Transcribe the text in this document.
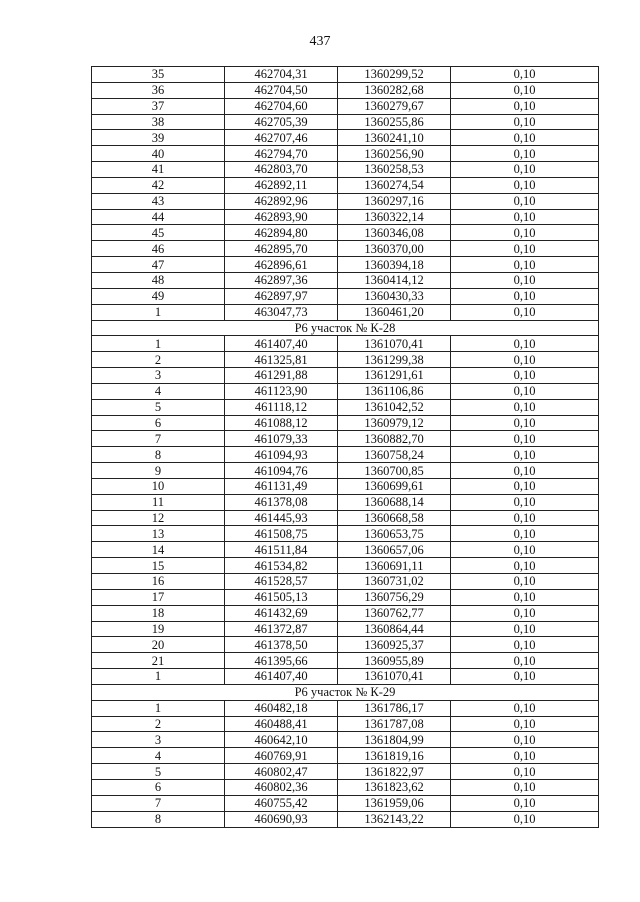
437
35	462704,31	1360299,52	0,10
36	462704,50	1360282,68	0,10
37	462704,60	1360279,67	0,10
38	462705,39	1360255,86	0,10
39	462707,46	1360241,10	0,10
40	462794,70	1360256,90	0,10
41	462803,70	1360258,53	0,10
42	462892,11	1360274,54	0,10
43	462892,96	1360297,16	0,10
44	462893,90	1360322,14	0,10
45	462894,80	1360346,08	0,10
46	462895,70	1360370,00	0,10
47	462896,61	1360394,18	0,10
48	462897,36	1360414,12	0,10
49	462897,97	1360430,33	0,10
1	463047,73	1360461,20	0,10
Р6 участок № К-28			
1	461407,40	1361070,41	0,10
2	461325,81	1361299,38	0,10
3	461291,88	1361291,61	0,10
4	461123,90	1361106,86	0,10
5	461118,12	1361042,52	0,10
6	461088,12	1360979,12	0,10
7	461079,33	1360882,70	0,10
8	461094,93	1360758,24	0,10
9	461094,76	1360700,85	0,10
10	461131,49	1360699,61	0,10
11	461378,08	1360688,14	0,10
12	461445,93	1360668,58	0,10
13	461508,75	1360653,75	0,10
14	461511,84	1360657,06	0,10
15	461534,82	1360691,11	0,10
16	461528,57	1360731,02	0,10
17	461505,13	1360756,29	0,10
18	461432,69	1360762,77	0,10
19	461372,87	1360864,44	0,10
20	461378,50	1360925,37	0,10
21	461395,66	1360955,89	0,10
1	461407,40	1361070,41	0,10
Р6 участок № К-29			
1	460482,18	1361786,17	0,10
2	460488,41	1361787,08	0,10
3	460642,10	1361804,99	0,10
4	460769,91	1361819,16	0,10
5	460802,47	1361822,97	0,10
6	460802,36	1361823,62	0,10
7	460755,42	1361959,06	0,10
8	460690,93	1362143,22	0,10
